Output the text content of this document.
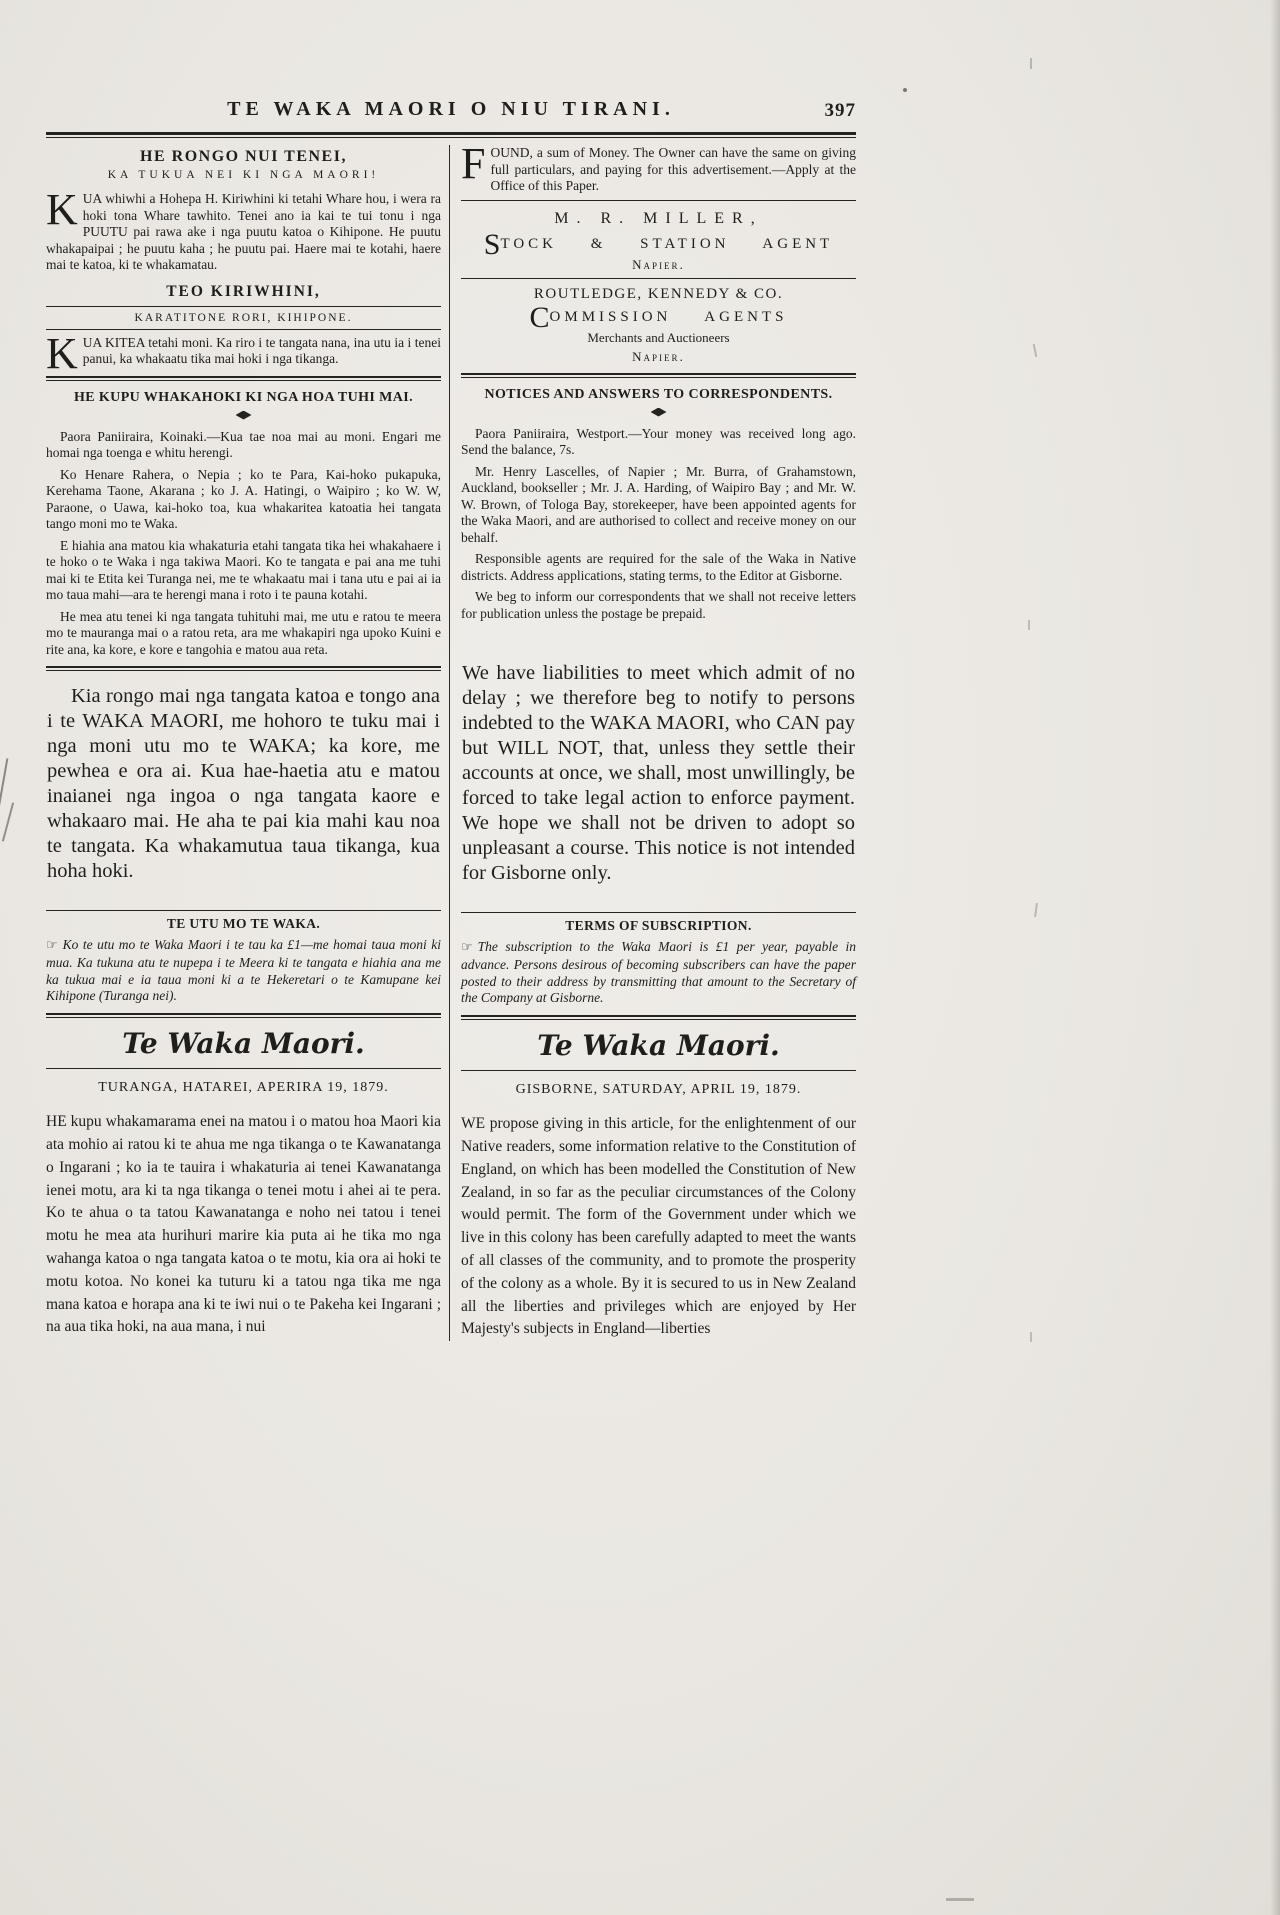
TE WAKA MAORI O NIU TIRANI.	397

HE RONGO NUI TENEI,

KA TUKUA NEI KI NGA MAORI!

KUA whiwhi a Hohepa H. Kiriwhini ki tetahi Whare hou, i wera ra hoki tona Whare tawhito. Tenei ano ia kai te tui tonu i nga PUUTU pai rawa ake i nga puutu katoa o Kihipone. He puutu whakapaipai ; he puutu kaha ; he puutu pai. Haere mai te kotahi, haere mai te katoa, ki te whakamatau.

TEO KIRIWHINI,

KARATITONE RORI, KIHIPONE.

KUA KITEA tetahi moni. Ka riro i te tangata nana, ina utu ia i tenei panui, ka whakaatu tika mai hoki i nga tikanga.

HE KUPU WHAKAHOKI KI NGA HOA TUHI MAI.

Paora Paniiraira, Koinaki.—Kua tae noa mai au moni. Engari me homai nga toenga e whitu herengi.

Ko Henare Rahera, o Nepia ; ko te Para, Kai-hoko pukapuka, Kerehama Taone, Akarana ; ko J. A. Hatingi, o Waipiro ; ko W. W, Paraone, o Uawa, kai-hoko toa, kua whakaritea katoatia hei tangata tango moni mo te Waka.

E hiahia ana matou kia whakaturia etahi tangata tika hei whakahaere i te hoko o te Waka i nga takiwa Maori. Ko te tangata e pai ana me tuhi mai ki te Etita kei Turanga nei, me te whakaatu mai i tana utu e pai ai ia mo taua mahi—ara te herengi mana i roto i te pauna kotahi.

He mea atu tenei ki nga tangata tuhituhi mai, me utu e ratou te meera mo te mauranga mai o a ratou reta, ara me whakapiri nga upoko Kuini e rite ana, ka kore, e kore e tangohia e matou aua reta.

Kia rongo mai nga tangata katoa e tongo ana i te WAKA MAORI, me hohoro te tuku mai i nga moni utu mo te WAKA; ka kore, me pewhea e ora ai. Kua hae-haetia atu e matou inaianei nga ingoa o nga tangata kaore e whakaaro mai. He aha te pai kia mahi kau noa te tangata. Ka whakamutua taua tikanga, kua hoha hoki.

TE UTU MO TE WAKA.

☞ Ko te utu mo te Waka Maori i te tau ka £1—me homai taua moni ki mua. Ka tukuna atu te nupepa i te Meera ki te tangata e hiahia ana me ka tukua mai e ia taua moni ki a te Hekeretari o te Kamupane kei Kihipone (Turanga nei).

Te Waka Maori.

TURANGA, HATAREI, APERIRA 19, 1879.

HE kupu whakamarama enei na matou i o matou hoa Maori kia ata mohio ai ratou ki te ahua me nga tikanga o te Kawanatanga o Ingarani ; ko ia te tauira i whakaturia ai tenei Kawanatanga ienei motu, ara ki ta nga tikanga o tenei motu i ahei ai te pera. Ko te ahua o ta tatou Kawanatanga e noho nei tatou i tenei motu he mea ata hurihuri marire kia puta ai he tika mo nga wahanga katoa o nga tangata katoa o te motu, kia ora ai hoki te motu kotoa. No konei ka tuturu ki a tatou nga tika me nga mana katoa e horapa ana ki te iwi nui o te Pakeha kei Ingarani ; na aua tika hoki, na aua mana, i nui

FOUND, a sum of Money. The Owner can have the same on giving full particulars, and paying for this advertisement.—Apply at the Office of this Paper.

M. R. MILLER,

STOCK & STATION AGENT

Napier.

ROUTLEDGE, KENNEDY & CO.

COMMISSION AGENTS

Merchants and Auctioneers

Napier.

NOTICES AND ANSWERS TO CORRESPONDENTS.

Paora Paniiraira, Westport.—Your money was received long ago. Send the balance, 7s.

Mr. Henry Lascelles, of Napier ; Mr. Burra, of Grahamstown, Auckland, bookseller ; Mr. J. A. Harding, of Waipiro Bay ; and Mr. W. W. Brown, of Tologa Bay, storekeeper, have been appointed agents for the Waka Maori, and are authorised to collect and receive money on our behalf.

Responsible agents are required for the sale of the Waka in Native districts. Address applications, stating terms, to the Editor at Gisborne.

We beg to inform our correspondents that we shall not receive letters for publication unless the postage be prepaid.

We have liabilities to meet which admit of no delay ; we therefore beg to notify to persons indebted to the WAKA MAORI, who CAN pay but WILL NOT, that, unless they settle their accounts at once, we shall, most unwillingly, be forced to take legal action to enforce payment. We hope we shall not be driven to adopt so unpleasant a course. This notice is not intended for Gisborne only.

TERMS OF SUBSCRIPTION.

☞ The subscription to the Waka Maori is £1 per year, payable in advance. Persons desirous of becoming subscribers can have the paper posted to their address by transmitting that amount to the Secretary of the Company at Gisborne.

Te Waka Maori.

GISBORNE, SATURDAY, APRIL 19, 1879.

WE propose giving in this article, for the enlightenment of our Native readers, some information relative to the Constitution of England, on which has been modelled the Constitution of New Zealand, in so far as the peculiar circumstances of the Colony would permit. The form of the Government under which we live in this colony has been carefully adapted to meet the wants of all classes of the community, and to promote the prosperity of the colony as a whole. By it is secured to us in New Zealand all the liberties and privileges which are enjoyed by Her Majesty's subjects in England—liberties
